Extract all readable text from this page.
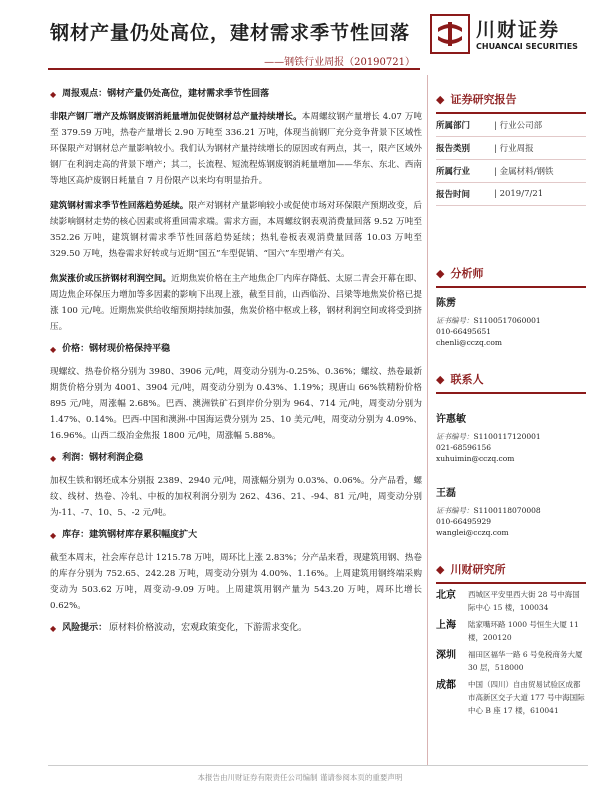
钢材产量仍处高位，建材需求季节性回落
——钢铁行业周报（20190721）
川财证券
CHUANCAI SECURITIES
◆ 周报观点：钢材产量仍处高位，建材需求季节性回落

非限产钢厂增产及炼钢废钢消耗量增加促使钢材总产量持续增长。本周螺纹钢产量增长 4.07 万吨至 379.59 万吨，热卷产量增长 2.90 万吨至 336.21 万吨，体现当前钢厂充分竞争背景下区域性环保限产对钢材总产量影响较小。我们认为钢材产量持续增长的原因或有两点，其一，限产区域外钢厂在利润走高的背景下增产；其二，长流程、短流程炼钢废钢消耗量增加——华东、东北、西南等地区高炉废钢日耗量自 7 月份限产以来均有明显抬升。

建筑钢材需求季节性回落趋势延续。限产对钢材产量影响较小或促使市场对环保限产预期改变，后续影响钢材走势的核心因素或将重回需求端。需求方面，本周螺纹钢表观消费量回落 9.52 万吨至 352.26 万吨，建筑钢材需求季节性回落趋势延续；热轧卷板表观消费量回落 10.03 万吨至 329.50 万吨，热卷需求好转或与近期“国五”车型促销、“国六”车型增产有关。

焦炭涨价或压挤钢材利润空间。近期焦炭价格在主产地焦企厂内库存降低、太原二青会开幕在即、周边焦企环保压力增加等多因素的影响下出现上涨，截至目前，山西临汾、吕梁等地焦炭价格已提涨 100 元/吨。近期焦炭供给收缩预期持续加强，焦炭价格中枢或上移，钢材利润空间或将受到挤压。

◆ 价格：钢材现价格保持平稳

现螺纹、热卷价格分别为 3980、3906 元/吨，周变动分别为-0.25%、0.36%；螺纹、热卷最新期货价格分别为 4001、3904 元/吨，周变动分别为 0.43%、1.19%；现唐山 66%铁精粉价格 895 元/吨，周涨幅 2.68%。巴西、澳洲铁矿石到岸价分别为 964、714 元/吨，周变动分别为 1.47%、0.14%。巴西-中国和澳洲-中国海运费分别为 25、10 美元/吨，周变动分别为 4.09%、16.96%。山西二级冶金焦报 1800 元/吨，周涨幅 5.88%。

◆ 利润：钢材利润企稳

加权生铁和钢坯成本分别报 2389、2940 元/吨，周涨幅分别为 0.03%、0.06%。分产品看，螺纹、线材、热卷、冷轧、中板的加权利润分别为 262、436、21、-94、81 元/吨，周变动分别为-11、-7、10、5、-2 元/吨。

◆ 库存：建筑钢材库存累积幅度扩大

截至本周末，社会库存总计 1215.78 万吨，周环比上涨 2.83%；分产品来看，现建筑用钢、热卷的库存分别为 752.65、242.28 万吨，周变动分别为 4.00%、1.16%。上周建筑用钢终端采购变动为 503.62 万吨，周变动-9.09 万吨。上周建筑用钢产量为 543.20 万吨，周环比增长 0.62%。

◆ 风险提示： 原材料价格波动，宏观政策变化，下游需求变化。
◆ 证券研究报告
所属部门	| 行业公司部
报告类别	| 行业周报
所属行业	| 金属材料/钢铁
报告时间	| 2019/7/21
◆ 分析师
陈雳
证书编号：S1100517060001
010-66495651
chenli@cczq.com
◆ 联系人
许惠敏
证书编号：S1100117120001
021-68596156
xuhuimin@cczq.com
王磊
证书编号：S1100118070008
010-66495929
wanglei@cczq.com
◆ 川财研究所
北京	西城区平安里西大街 28 号中海国际中心 15 楼，100034
上海	陆家嘴环路 1000 号恒生大厦 11 楼，200120
深圳	福田区福华一路 6 号免税商务大厦 30 层，518000
成都	中国（四川）自由贸易试验区成都市高新区交子大道 177 号中海国际中心 B 座 17 楼，610041
本报告由川财证券有限责任公司编制 谨请参阅本页的重要声明
